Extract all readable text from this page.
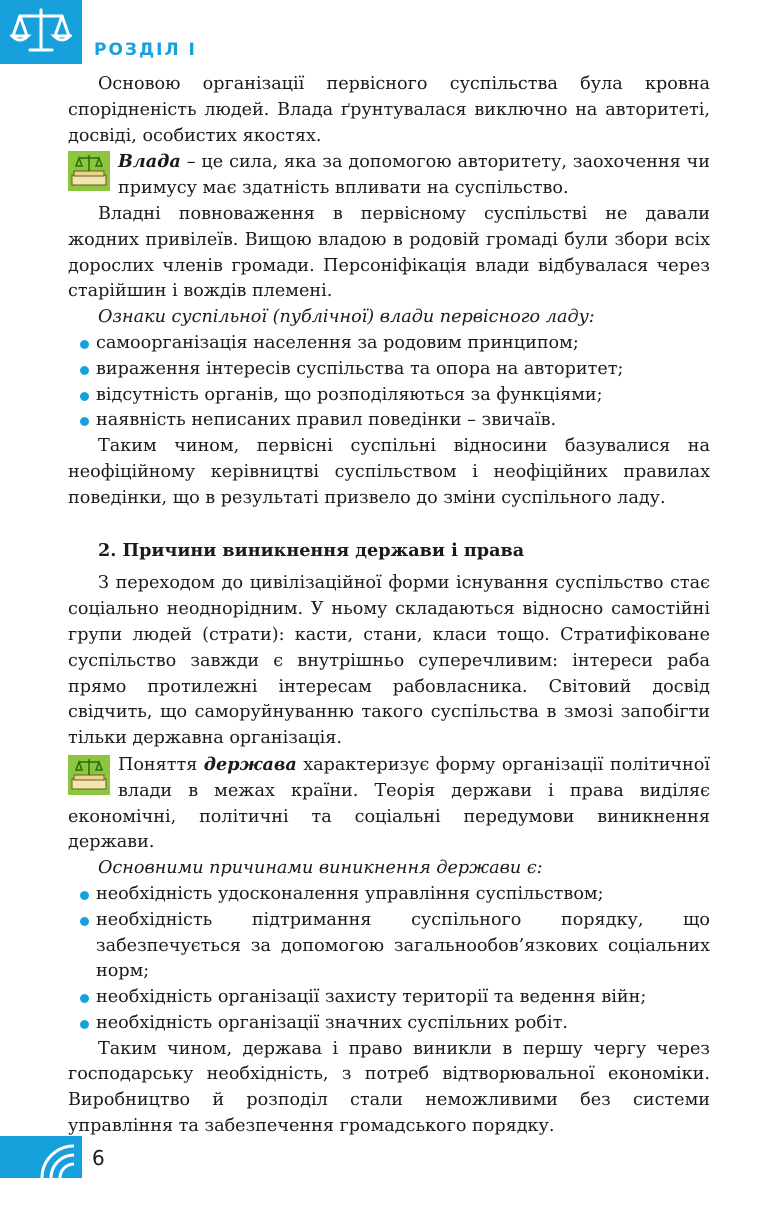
РОЗДІЛ І

Основою організації первісного суспільства була кровна спорідненість людей. Влада ґрунтувалася виключно на авторитеті, досвіді, особистих якостях.

Влада – це сила, яка за допомогою авторитету, заохочення чи примусу має здатність впливати на суспільство.

Владні повноваження в первісному суспільстві не давали жодних привілеїв. Вищою владою в родовій громаді були збори всіх дорослих членів громади. Персоніфікація влади відбувалася через старійшин і вождів племені.

Ознаки суспільної (публічної) влади первісного ладу:

самоорганізація населення за родовим принципом;
вираження інтересів суспільства та опора на авторитет;
відсутність органів, що розподіляються за функціями;
наявність неписаних правил поведінки – звичаїв.

Таким чином, первісні суспільні відносини базувалися на неофіційному керівництві суспільством і неофіційних правилах поведінки, що в результаті призвело до зміни суспільного ладу.

2. Причини виникнення держави і права

З переходом до цивілізаційної форми існування суспільство стає соціально неоднорідним. У ньому складаються відносно самостійні групи людей (страти): касти, стани, класи тощо. Стратифіковане суспільство завжди є внутрішньо суперечливим: інтереси раба прямо протилежні інтересам рабовласника. Світовий досвід свідчить, що саморуйнуванню такого суспільства в змозі запобігти тільки державна організація.

Поняття держава характеризує форму організації політичної влади в межах країни. Теорія держави і права виділяє економічні, політичні та соціальні передумови виникнення держави.

Основними причинами виникнення держави є:

необхідність удосконалення управління суспільством;
необхідність підтримання суспільного порядку, що забезпечується за допомогою загальнообов’язкових соціальних норм;
необхідність організації захисту території та ведення війн;
необхідність організації значних суспільних робіт.

Таким чином, держава і право виникли в першу чергу через господарську необхідність, з потреб відтворювальної економіки. Виробництво й розподіл стали неможливими без системи управління та забезпечення громадського порядку.

6
